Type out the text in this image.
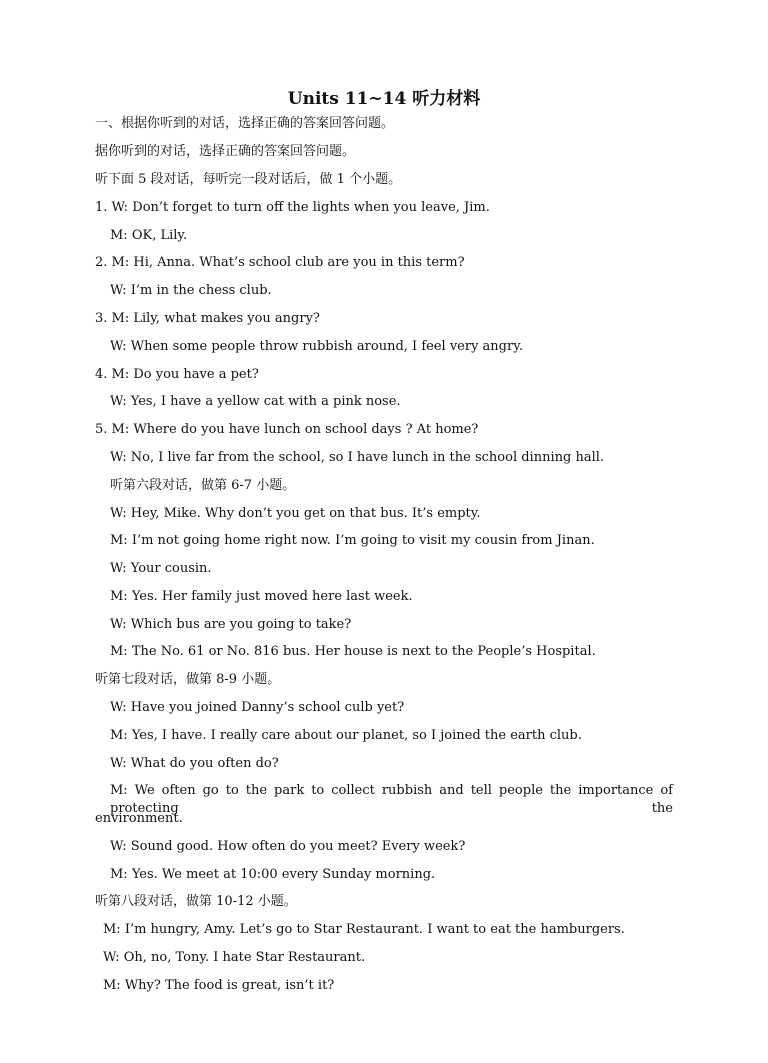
Units 11~14 听力材料
一、根据你听到的对话，选择正确的答案回答问题。
据你听到的对话，选择正确的答案回答问题。
听下面 5 段对话，每听完一段对话后，做 1 个小题。
1. W: Don’t forget to turn off the lights when you leave, Jim.
M: OK, Lily.
2. M: Hi, Anna. What’s school club are you in this term?
W: I’m in the chess club.
3. M: Lily, what makes you angry?
W: When some people throw rubbish around, I feel very angry.
4. M: Do you have a pet?
W: Yes, I have a yellow cat with a pink nose.
5. M: Where do you have lunch on school days ? At home?
W: No, I live far from the school, so I have lunch in the school dinning hall.
听第六段对话，做第 6-7 小题。
W: Hey, Mike. Why don’t you get on that bus. It’s empty.
M: I’m not going home right now. I’m going to visit my cousin from Jinan.
W: Your cousin.
M: Yes. Her family just moved here last week.
W: Which bus are you going to take?
M: The No. 61 or No. 816 bus. Her house is next to the People’s Hospital.
听第七段对话，做第 8-9 小题。
W: Have you joined Danny’s school culb yet?
M: Yes, I have. I really care about our planet, so I joined the earth club.
W: What do you often do?
M: We often go to the park to collect rubbish and tell people the importance of protecting the
environment.
W: Sound good. How often do you meet? Every week?
M: Yes. We meet at 10:00 every Sunday morning.
听第八段对话，做第 10-12 小题。
M: I’m hungry, Amy. Let’s go to Star Restaurant. I want to eat the hamburgers.
W: Oh, no, Tony. I hate Star Restaurant.
M: Why? The food is great, isn’t it?
